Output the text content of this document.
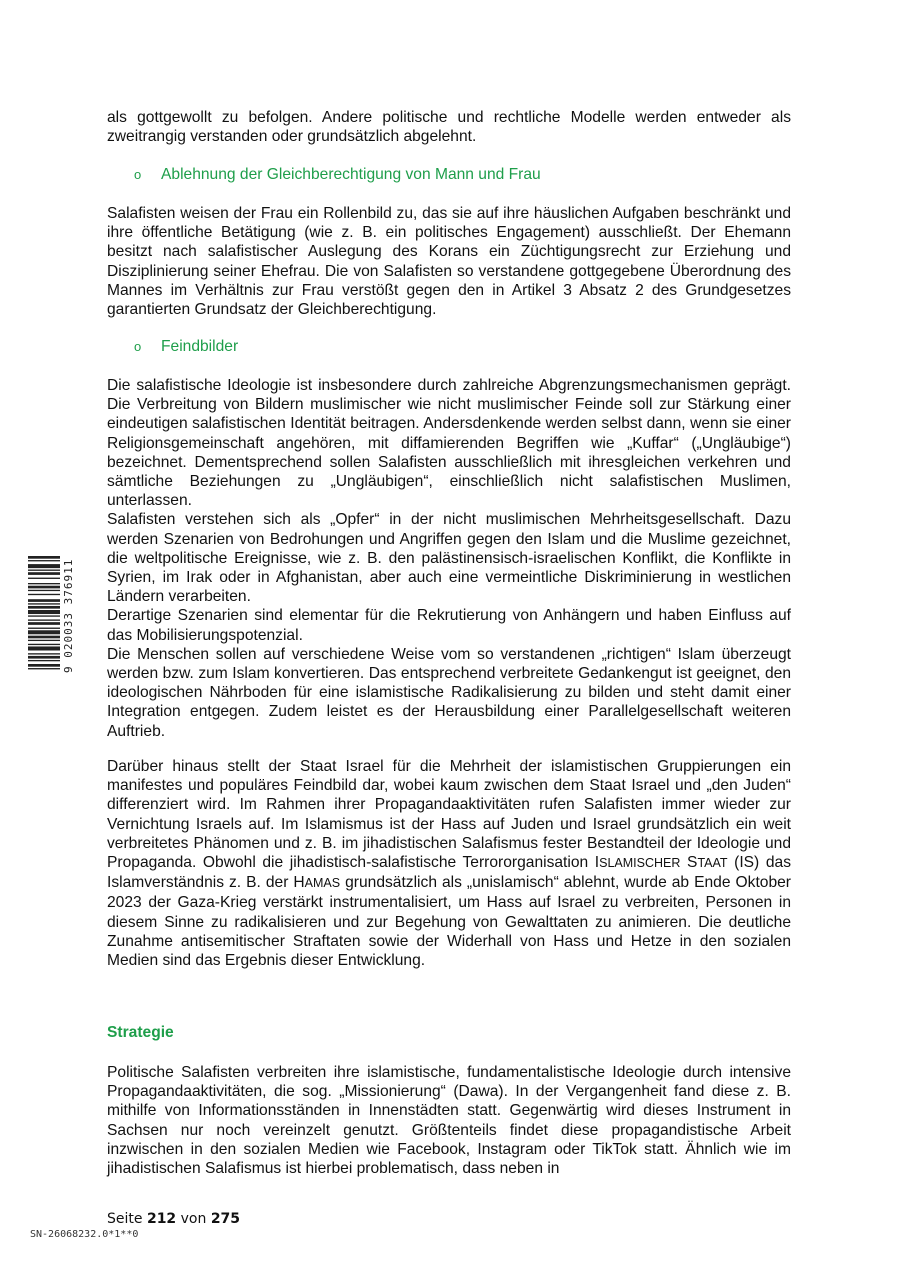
als gottgewollt zu befolgen. Andere politische und rechtliche Modelle werden entweder als zweitrangig verstanden oder grundsätzlich abgelehnt.

o Ablehnung der Gleichberechtigung von Mann und Frau

Salafisten weisen der Frau ein Rollenbild zu, das sie auf ihre häuslichen Aufgaben beschränkt und ihre öffentliche Betätigung (wie z. B. ein politisches Engagement) ausschließt. Der Ehemann besitzt nach salafistischer Auslegung des Korans ein Züchtigungsrecht zur Erziehung und Disziplinierung seiner Ehefrau. Die von Salafisten so verstandene gottgegebene Überordnung des Mannes im Verhältnis zur Frau verstößt gegen den in Artikel 3 Absatz 2 des Grundgesetzes garantierten Grundsatz der Gleichberechtigung.

o Feindbilder

Die salafistische Ideologie ist insbesondere durch zahlreiche Abgrenzungsmechanismen geprägt. Die Verbreitung von Bildern muslimischer wie nicht muslimischer Feinde soll zur Stärkung einer eindeutigen salafistischen Identität beitragen. Andersdenkende werden selbst dann, wenn sie einer Religionsgemeinschaft angehören, mit diffamierenden Begriffen wie „Kuffar“ („Ungläubige“) bezeichnet. Dementsprechend sollen Salafisten ausschließlich mit ihresgleichen verkehren und sämtliche Beziehungen zu „Ungläubigen“, einschließlich nicht salafistischen Muslimen, unterlassen.

Salafisten verstehen sich als „Opfer“ in der nicht muslimischen Mehrheitsgesellschaft. Dazu werden Szenarien von Bedrohungen und Angriffen gegen den Islam und die Muslime gezeichnet, die weltpolitische Ereignisse, wie z. B. den palästinensisch-israelischen Konflikt, die Konflikte in Syrien, im Irak oder in Afghanistan, aber auch eine vermeintliche Diskriminierung in westlichen Ländern verarbeiten.

Derartige Szenarien sind elementar für die Rekrutierung von Anhängern und haben Einfluss auf das Mobilisierungspotenzial.

Die Menschen sollen auf verschiedene Weise vom so verstandenen „richtigen“ Islam überzeugt werden bzw. zum Islam konvertieren. Das entsprechend verbreitete Gedankengut ist geeignet, den ideologischen Nährboden für eine islamistische Radikalisierung zu bilden und steht damit einer Integration entgegen. Zudem leistet es der Herausbildung einer Parallelgesellschaft weiteren Auftrieb.

Darüber hinaus stellt der Staat Israel für die Mehrheit der islamistischen Gruppierungen ein manifestes und populäres Feindbild dar, wobei kaum zwischen dem Staat Israel und „den Juden“ differenziert wird. Im Rahmen ihrer Propagandaaktivitäten rufen Salafisten immer wieder zur Vernichtung Israels auf. Im Islamismus ist der Hass auf Juden und Israel grundsätzlich ein weit verbreitetes Phänomen und z. B. im jihadistischen Salafismus fester Bestandteil der Ideologie und Propaganda. Obwohl die jihadistisch-salafistische Terrororganisation ISLAMISCHER STAAT (IS) das Islamverständnis z. B. der HAMAS grundsätzlich als „unislamisch“ ablehnt, wurde ab Ende Oktober 2023 der Gaza-Krieg verstärkt instrumentalisiert, um Hass auf Israel zu verbreiten, Personen in diesem Sinne zu radikalisieren und zur Begehung von Gewalttaten zu animieren. Die deutliche Zunahme antisemitischer Straftaten sowie der Widerhall von Hass und Hetze in den sozialen Medien sind das Ergebnis dieser Entwicklung.

Strategie

Politische Salafisten verbreiten ihre islamistische, fundamentalistische Ideologie durch intensive Propagandaaktivitäten, die sog. „Missionierung“ (Dawa). In der Vergangenheit fand diese z. B. mithilfe von Informationsständen in Innenstädten statt. Gegenwärtig wird dieses Instrument in Sachsen nur noch vereinzelt genutzt. Größtenteils findet diese propagandistische Arbeit inzwischen in den sozialen Medien wie Facebook, Instagram oder TikTok statt. Ähnlich wie im jihadistischen Salafismus ist hierbei problematisch, dass neben in

9 020033 376911
Seite 212 von 275
SN-26068232.0*1**0
